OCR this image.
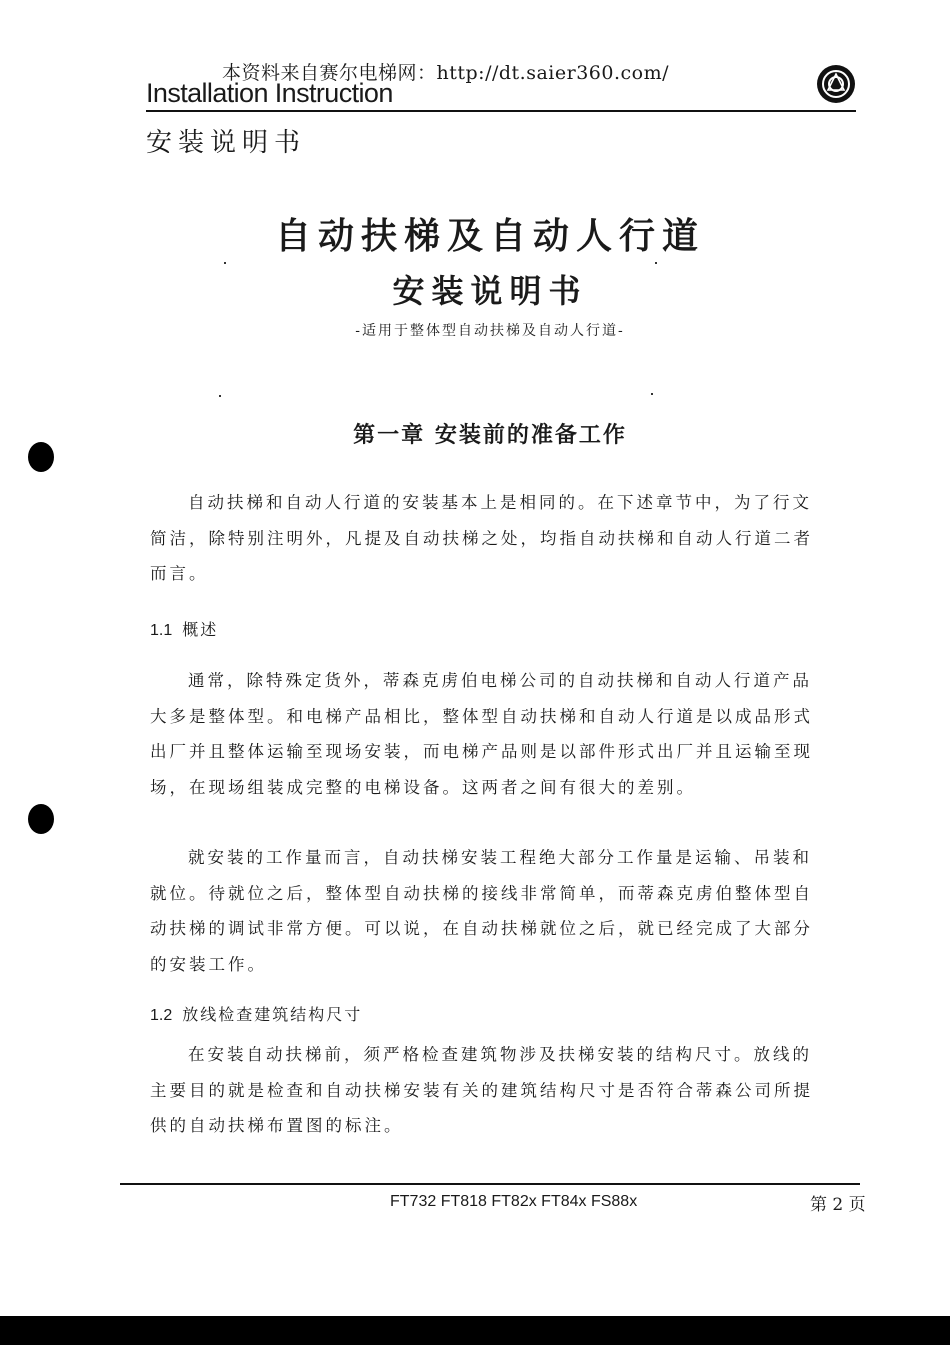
本资料来自赛尔电梯网：http://dt.saier360.com/
Installation Instruction
安装说明书
自动扶梯及自动人行道
安装说明书
-适用于整体型自动扶梯及自动人行道-
第一章 安装前的准备工作
自动扶梯和自动人行道的安装基本上是相同的。在下述章节中，为了行文简洁，除特别注明外，凡提及自动扶梯之处，均指自动扶梯和自动人行道二者而言。
1.1 概述
通常，除特殊定货外，蒂森克虏伯电梯公司的自动扶梯和自动人行道产品大多是整体型。和电梯产品相比，整体型自动扶梯和自动人行道是以成品形式出厂并且整体运输至现场安装，而电梯产品则是以部件形式出厂并且运输至现场，在现场组装成完整的电梯设备。这两者之间有很大的差别。
就安装的工作量而言，自动扶梯安装工程绝大部分工作量是运输、吊装和就位。待就位之后，整体型自动扶梯的接线非常简单，而蒂森克虏伯整体型自动扶梯的调试非常方便。可以说，在自动扶梯就位之后，就已经完成了大部分的安装工作。
1.2 放线检查建筑结构尺寸
在安装自动扶梯前，须严格检查建筑物涉及扶梯安装的结构尺寸。放线的主要目的就是检查和自动扶梯安装有关的建筑结构尺寸是否符合蒂森公司所提供的自动扶梯布置图的标注。
FT732 FT818 FT82x FT84x FS88x	第 2 页
